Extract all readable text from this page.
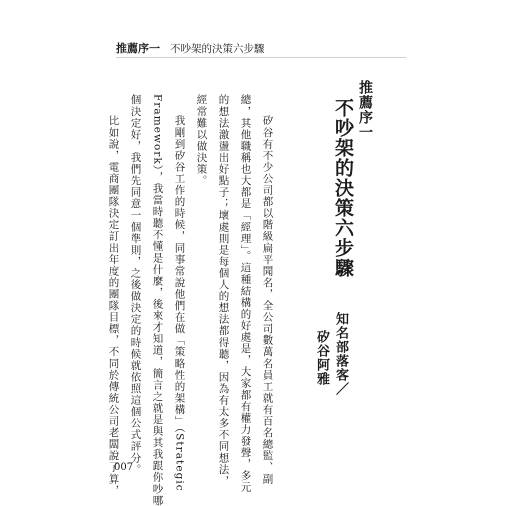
推薦序一 不吵架的決策六步驟
推薦序一
不吵架的決策六步驟
知名部落客／
矽谷阿雅
矽谷有不少公司都以階級扁平聞名，全公司數萬名員工就有百名總監、副
總，其他職稱也大都是「經理」。這種結構的好處是，大家都有權力發聲，多元
的想法激盪出好點子；壞處則是每個人的想法都得聽，因為有太多不同想法，
經常難以做決策。
我剛到矽谷工作的時候，同事常說他們在做「策略性的架構」（Strategic
Framework），我當時聽不懂是什麼，後來才知道，簡言之就是與其我跟你吵哪
個決定好，我們先同意一個準則，之後做決定的時候就依照這個公式評分。
比如說，電商團隊決定訂出年度的團隊目標，不同於傳統公司老闆說了算，
007
